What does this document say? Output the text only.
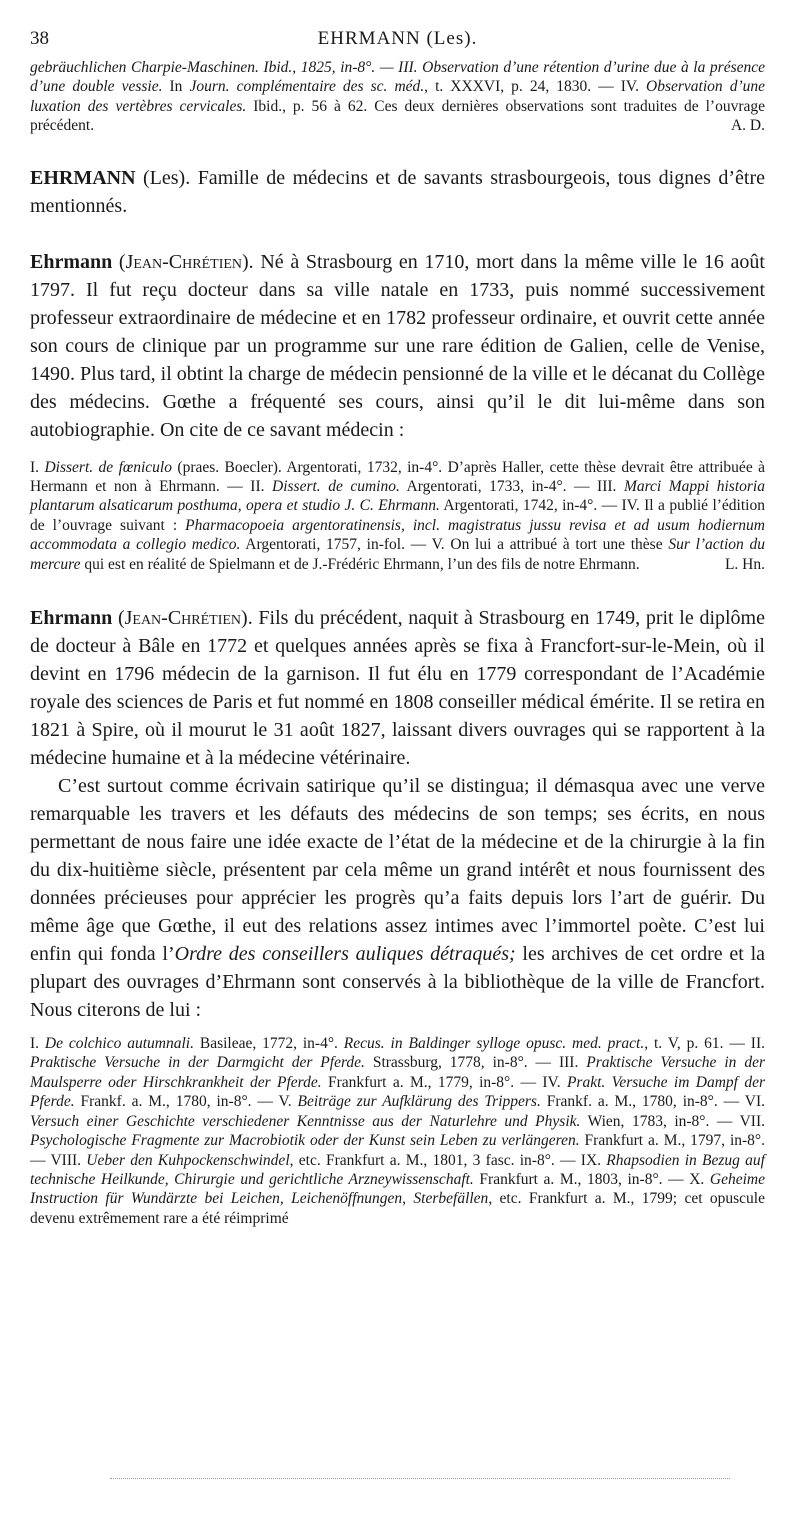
38	EHRMANN (Les).

gebräuchlichen Charpie-Maschinen. Ibid., 1825, in-8°. — III. Observation d’une rétention d’urine due à la présence d’une double vessie. In Journ. complémentaire des sc. méd., t. XXXVI, p. 24, 1830. — IV. Observation d’une luxation des vertèbres cervicales. Ibid., p. 56 à 62. Ces deux dernières observations sont traduites de l’ouvrage précédent.	A. D.

EHRMANN (Les). Famille de médecins et de savants strasbourgeois, tous dignes d’être mentionnés.

Ehrmann (Jean-Chrétien). Né à Strasbourg en 1710, mort dans la même ville le 16 août 1797. Il fut reçu docteur dans sa ville natale en 1733, puis nommé successivement professeur extraordinaire de médecine et en 1782 professeur ordinaire, et ouvrit cette année son cours de clinique par un programme sur une rare édition de Galien, celle de Venise, 1490. Plus tard, il obtint la charge de médecin pensionné de la ville et le décanat du Collège des médecins. Gœthe a fréquenté ses cours, ainsi qu’il le dit lui-même dans son autobiographie. On cite de ce savant médecin :

I. Dissert. de fœniculo (praes. Boecler). Argentorati, 1732, in-4°. D’après Haller, cette thèse devrait être attribuée à Hermann et non à Ehrmann. — II. Dissert. de cumino. Argentorati, 1733, in-4°. — III. Marci Mappi historia plantarum alsaticarum posthuma, opera et studio J. C. Ehrmann. Argentorati, 1742, in-4°. — IV. Il a publié l’édition de l’ouvrage suivant : Pharmacopoeia argentoratinensis, incl. magistratus jussu revisa et ad usum hodiernum accommodata a collegio medico. Argentorati, 1757, in-fol. — V. On lui a attribué à tort une thèse Sur l’action du mercure qui est en réalité de Spielmann et de J.-Frédéric Ehrmann, l’un des fils de notre Ehrmann.	L. Hn.

Ehrmann (Jean-Chrétien). Fils du précédent, naquit à Strasbourg en 1749, prit le diplôme de docteur à Bâle en 1772 et quelques années après se fixa à Francfort-sur-le-Mein, où il devint en 1796 médecin de la garnison. Il fut élu en 1779 correspondant de l’Académie royale des sciences de Paris et fut nommé en 1808 conseiller médical émérite. Il se retira en 1821 à Spire, où il mourut le 31 août 1827, laissant divers ouvrages qui se rapportent à la médecine humaine et à la médecine vétérinaire.

C’est surtout comme écrivain satirique qu’il se distingua; il démasqua avec une verve remarquable les travers et les défauts des médecins de son temps; ses écrits, en nous permettant de nous faire une idée exacte de l’état de la médecine et de la chirurgie à la fin du dix-huitième siècle, présentent par cela même un grand intérêt et nous fournissent des données précieuses pour apprécier les progrès qu’a faits depuis lors l’art de guérir. Du même âge que Gœthe, il eut des relations assez intimes avec l’immortel poète. C’est lui enfin qui fonda l’Ordre des conseillers auliques détraqués; les archives de cet ordre et la plupart des ouvrages d’Ehrmann sont conservés à la bibliothèque de la ville de Francfort. Nous citerons de lui :

I. De colchico autumnali. Basileae, 1772, in-4°. Recus. in Baldinger sylloge opusc. med. pract., t. V, p. 61. — II. Praktische Versuche in der Darmgicht der Pferde. Strassburg, 1778, in-8°. — III. Praktische Versuche in der Maulsperre oder Hirschkrankheit der Pferde. Frankfurt a. M., 1779, in-8°. — IV. Prakt. Versuche im Dampf der Pferde. Frankf. a. M., 1780, in-8°. — V. Beiträge zur Aufklärung des Trippers. Frankf. a. M., 1780, in-8°. — VI. Versuch einer Geschichte verschiedener Kenntnisse aus der Naturlehre und Physik. Wien, 1783, in-8°. — VII. Psychologische Fragmente zur Macrobiotik oder der Kunst sein Leben zu verlängeren. Frankfurt a. M., 1797, in-8°. — VIII. Ueber den Kuhpockenschwindel, etc. Frankfurt a. M., 1801, 3 fasc. in-8°. — IX. Rhapsodien in Bezug auf technische Heilkunde, Chirurgie und gerichtliche Arzneywissenschaft. Frankfurt a. M., 1803, in-8°. — X. Geheime Instruction für Wundärzte bei Leichen, Leichenöffnungen, Sterbefällen, etc. Frankfurt a. M., 1799; cet opuscule devenu extrêmement rare a été réimprimé
